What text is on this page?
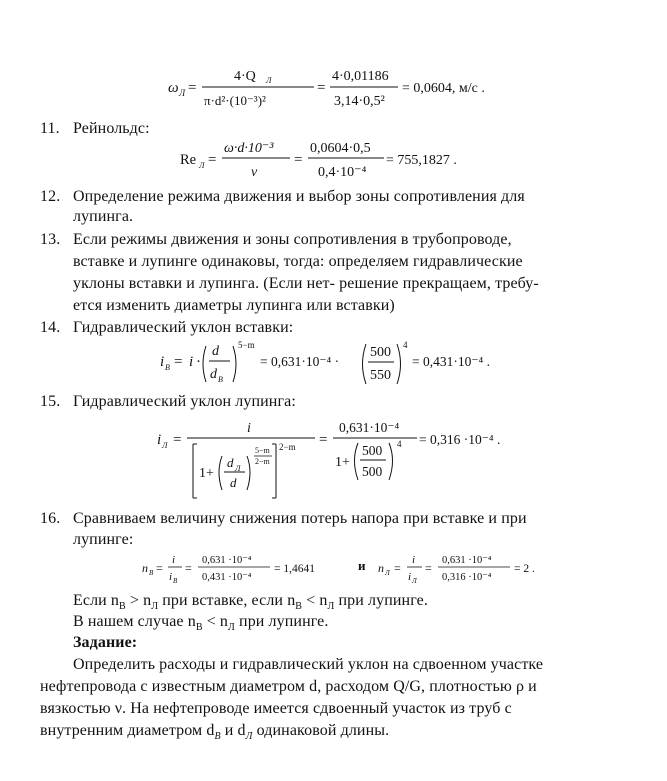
ω Л =
4·Q Л
π·d²·(10⁻³)²
=
4·0,01186
3,14·0,5²
= 0,0604, м/с .
11. Рейнольдс:
Re Л =
ω·d·10⁻³
ν
=
0,0604·0,5
0,4·10⁻⁴
= 755,1827 .
12. Определение режима движения и выбор зоны сопротивления для
лупинга.
13. Если режимы движения и зоны сопротивления в трубопроводе,
вставке и лупинге одинаковы, тогда: определяем гидравлические
уклоны вставки и лупинга. (Если нет- решение прекращаем, требу-
ется изменить диаметры лупинга или вставки)
14. Гидравлический уклон вставки:
i В = i ·
d
d В
5−m
= 0,631·10⁻⁴ ·
500
550
4
= 0,431·10⁻⁴ .
15. Гидравлический уклон лупинга:
i Л =
i
1+
d Л
d
5−m
2−m
2−m =
0,631·10⁻⁴
1+
500
500
4 = 0,316 ·10⁻⁴ .
16. Сравниваем величину снижения потерь напора при вставке и при
лупинге:
n В =
i
i В
=
0,631 ·10⁻⁴
0,431 ·10⁻⁴
= 1,4641	и n Л =
i
i Л
=
0,631 ·10⁻⁴
0,316 ·10⁻⁴
= 2 .
Если $n_В > n_Л$ при вставке, если $n_В < n_Л$ при лупинге.
В нашем случае $n_В < n_Л$ при лупинге.
Задание:
Определить расходы и гидравлический уклон на сдвоенном участке
нефтепровода с известным диаметром d, расходом Q/G, плотностью ρ и
вязкостью ν. На нефтепроводе имеется сдвоенный участок из труб с
внутренним диаметром $d_В$ и $d_Л$ одинаковой длины.
